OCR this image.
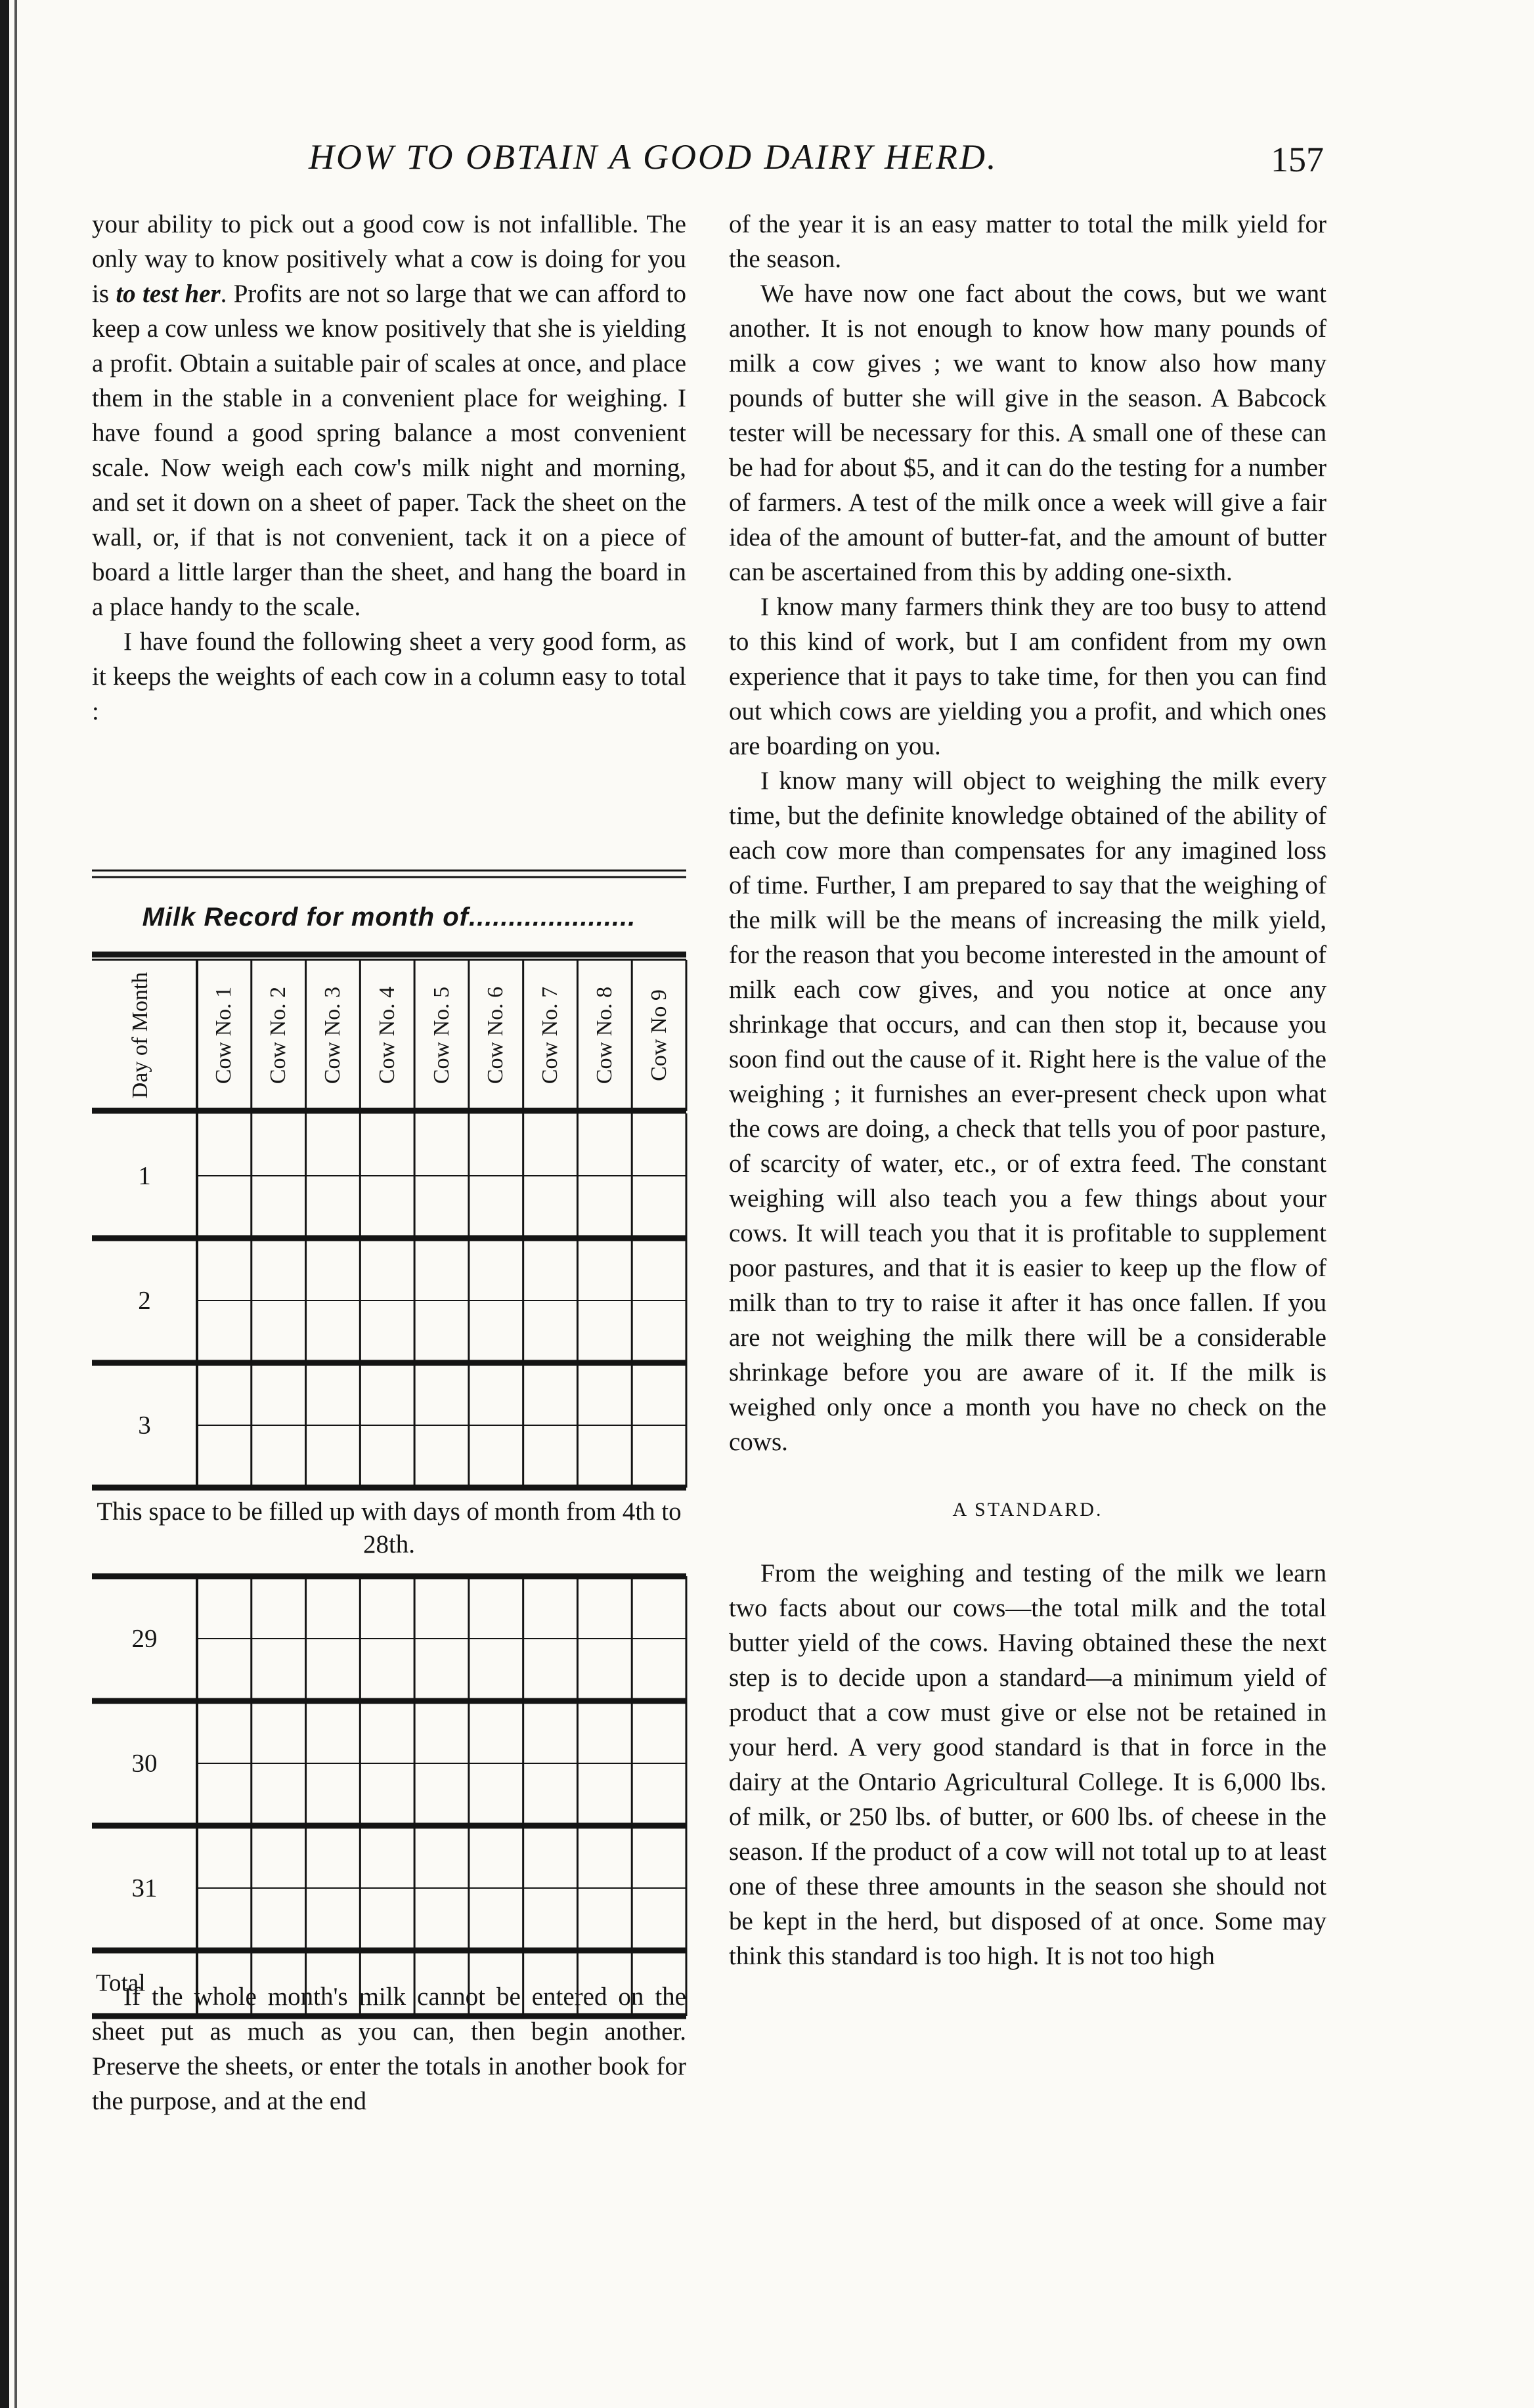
HOW TO OBTAIN A GOOD DAIRY HERD.	157

your ability to pick out a good cow is not infallible. The only way to know positively what a cow is doing for you is to test her. Profits are not so large that we can afford to keep a cow unless we know positively that she is yielding a profit. Obtain a suitable pair of scales at once, and place them in the stable in a convenient place for weighing. I have found a good spring balance a most convenient scale. Now weigh each cow's milk night and morning, and set it down on a sheet of paper. Tack the sheet on the wall, or, if that is not convenient, tack it on a piece of board a little larger than the sheet, and hang the board in a place handy to the scale.

I have found the following sheet a very good form, as it keeps the weights of each cow in a column easy to total :

Milk Record for month of.....................
Day of Month	Cow No. 1 Cow No. 2 Cow No. 3 Cow No. 4 Cow No. 5 Cow No. 6 Cow No. 7 Cow No. 8 Cow No 9
1
2
3
This space to be filled up with days of month from 4th to 28th.
29
30
31
Total

If the whole month's milk cannot be entered on the sheet put as much as you can, then begin another. Preserve the sheets, or enter the totals in another book for the purpose, and at the end

of the year it is an easy matter to total the milk yield for the season.

We have now one fact about the cows, but we want another. It is not enough to know how many pounds of milk a cow gives ; we want to know also how many pounds of butter she will give in the season. A Babcock tester will be necessary for this. A small one of these can be had for about $5, and it can do the testing for a number of farmers. A test of the milk once a week will give a fair idea of the amount of butter-fat, and the amount of butter can be ascertained from this by adding one-sixth.

I know many farmers think they are too busy to attend to this kind of work, but I am confident from my own experience that it pays to take time, for then you can find out which cows are yielding you a profit, and which ones are boarding on you.

I know many will object to weighing the milk every time, but the definite knowledge obtained of the ability of each cow more than compensates for any imagined loss of time. Further, I am prepared to say that the weighing of the milk will be the means of increasing the milk yield, for the reason that you become interested in the amount of milk each cow gives, and you notice at once any shrinkage that occurs, and can then stop it, because you soon find out the cause of it. Right here is the value of the weighing ; it furnishes an ever-present check upon what the cows are doing, a check that tells you of poor pasture, of scarcity of water, etc., or of extra feed. The constant weighing will also teach you a few things about your cows. It will teach you that it is profitable to supplement poor pastures, and that it is easier to keep up the flow of milk than to try to raise it after it has once fallen. If you are not weighing the milk there will be a considerable shrinkage before you are aware of it. If the milk is weighed only once a month you have no check on the cows.

A STANDARD.

From the weighing and testing of the milk we learn two facts about our cows—the total milk and the total butter yield of the cows. Having obtained these the next step is to decide upon a standard—a minimum yield of product that a cow must give or else not be retained in your herd. A very good standard is that in force in the dairy at the Ontario Agricultural College. It is 6,000 lbs. of milk, or 250 lbs. of butter, or 600 lbs. of cheese in the season. If the product of a cow will not total up to at least one of these three amounts in the season she should not be kept in the herd, but disposed of at once. Some may think this standard is too high. It is not too high
